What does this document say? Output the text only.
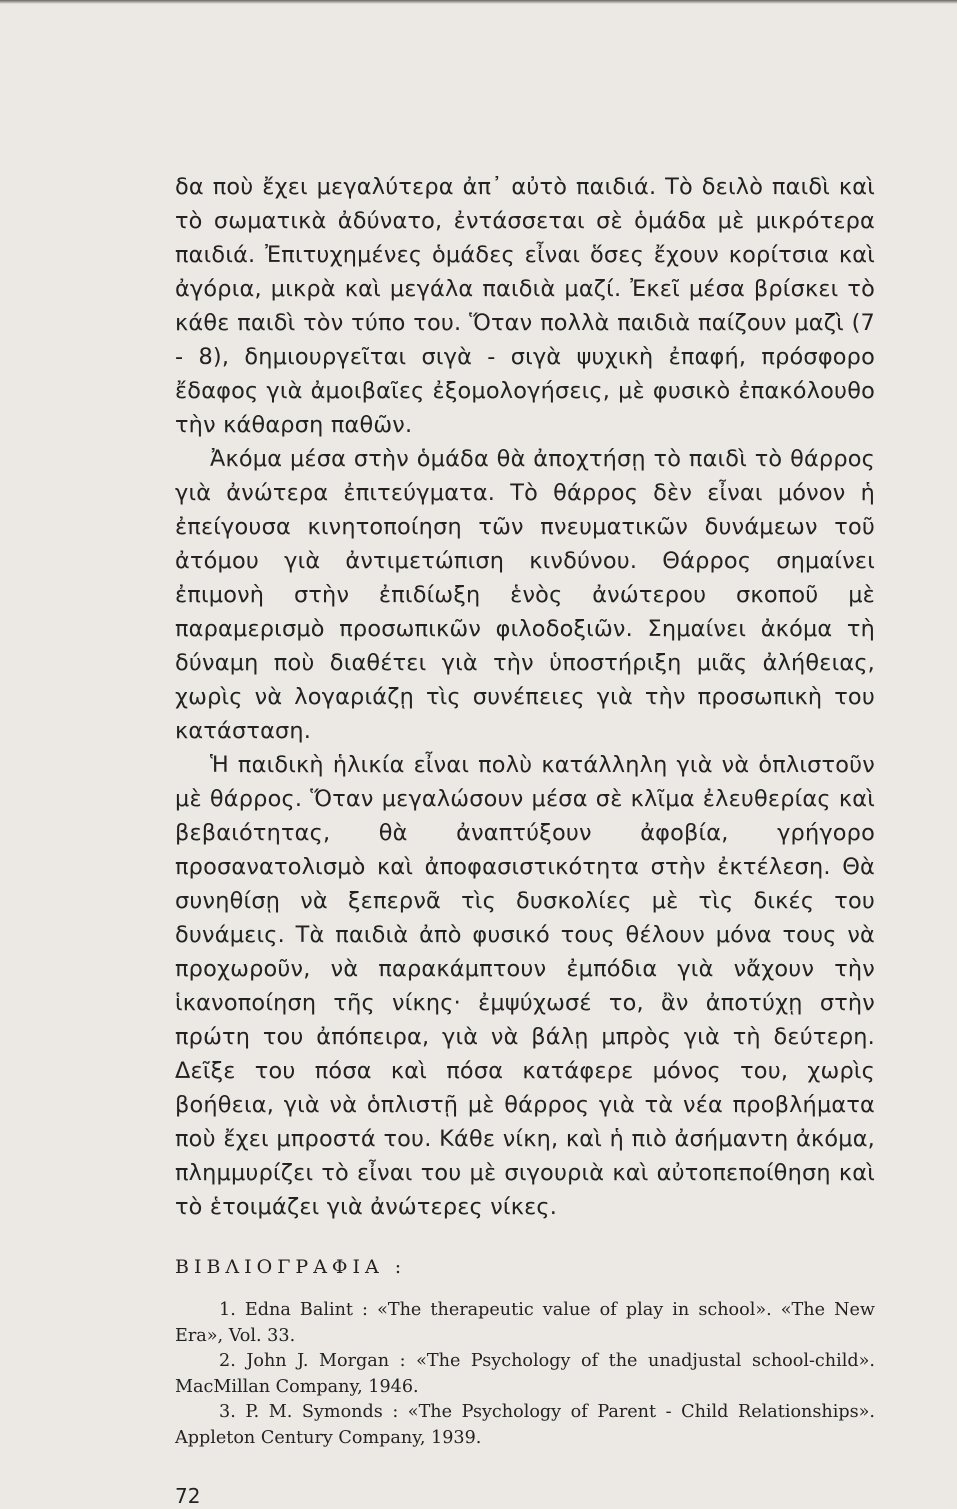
δα ποὺ ἔχει μεγαλύτερα ἀπ᾿ αὐτὸ παιδιά. Τὸ δειλὸ παιδὶ καὶ τὸ σωματικὰ ἀδύνατο, ἐντάσσεται σὲ ὁμάδα μὲ μικρότερα παιδιά. Ἐπιτυχημένες ὁμάδες εἶναι ὅσες ἔχουν κορίτσια καὶ ἀγόρια, μικρὰ καὶ μεγάλα παιδιὰ μαζί. Ἐκεῖ μέσα βρίσκει τὸ κάθε παιδὶ τὸν τύπο του. Ὅταν πολλὰ παιδιὰ παίζουν μαζὶ (7 - 8), δημιουργεῖται σιγὰ - σιγὰ ψυχικὴ ἐπαφή, πρόσφορο ἔδαφος γιὰ ἀμοιβαῖες ἐξομολογήσεις, μὲ φυσικὸ ἐπακόλουθο τὴν κάθαρση παθῶν.

Ἀκόμα μέσα στὴν ὁμάδα θὰ ἀποχτήσῃ τὸ παιδὶ τὸ θάρρος γιὰ ἀνώτερα ἐπιτεύγματα. Τὸ θάρρος δὲν εἶναι μόνον ἡ ἐπείγουσα κινητοποίηση τῶν πνευματικῶν δυνάμεων τοῦ ἀτόμου γιὰ ἀντιμετώπιση κινδύνου. Θάρρος σημαίνει ἐπιμονὴ στὴν ἐπιδίωξη ἑνὸς ἀνώτερου σκοποῦ μὲ παραμερισμὸ προσωπικῶν φιλοδοξιῶν. Σημαίνει ἀκόμα τὴ δύναμη ποὺ διαθέτει γιὰ τὴν ὑποστήριξη μιᾶς ἀλήθειας, χωρὶς νὰ λογαριάζῃ τὶς συνέπειες γιὰ τὴν προσωπικὴ του κατάσταση.

Ἡ παιδικὴ ἡλικία εἶναι πολὺ κατάλληλη γιὰ νὰ ὁπλιστοῦν μὲ θάρρος. Ὅταν μεγαλώσουν μέσα σὲ κλῖμα ἐλευθερίας καὶ βεβαιότητας, θὰ ἀναπτύξουν ἀφοβία, γρήγορο προσανατολισμὸ καὶ ἀποφασιστικότητα στὴν ἐκτέλεση. Θὰ συνηθίσῃ νὰ ξεπερνᾶ τὶς δυσκολίες μὲ τὶς δικές του δυνάμεις. Τὰ παιδιὰ ἀπὸ φυσικό τους θέλουν μόνα τους νὰ προχωροῦν, νὰ παρακάμπτουν ἐμπόδια γιὰ νἄχουν τὴν ἱκανοποίηση τῆς νίκης· ἐμψύχωσέ το, ἂν ἀποτύχῃ στὴν πρώτη του ἀπόπειρα, γιὰ νὰ βάλῃ μπρὸς γιὰ τὴ δεύτερη. Δεῖξε του πόσα καὶ πόσα κατάφερε μόνος του, χωρὶς βοήθεια, γιὰ νὰ ὁπλιστῇ μὲ θάρρος γιὰ τὰ νέα προβλήματα ποὺ ἔχει μπροστά του. Κάθε νίκη, καὶ ἡ πιὸ ἀσήμαντη ἀκόμα, πλημμυρίζει τὸ εἶναι του μὲ σιγουριὰ καὶ αὐτοπεποίθηση καὶ τὸ ἑτοιμάζει γιὰ ἀνώτερες νίκες.

ΒΙΒΛΙΟΓΡΑΦΙΑ :

1. Edna Balint : «The therapeutic value of play in school». «The New Era», Vol. 33.

2. John J. Morgan : «The Psychology of the unadjustal school-child». MacMillan Company, 1946.

3. P. M. Symonds : «The Psychology of Parent - Child Relationships». Appleton Century Company, 1939.

72
